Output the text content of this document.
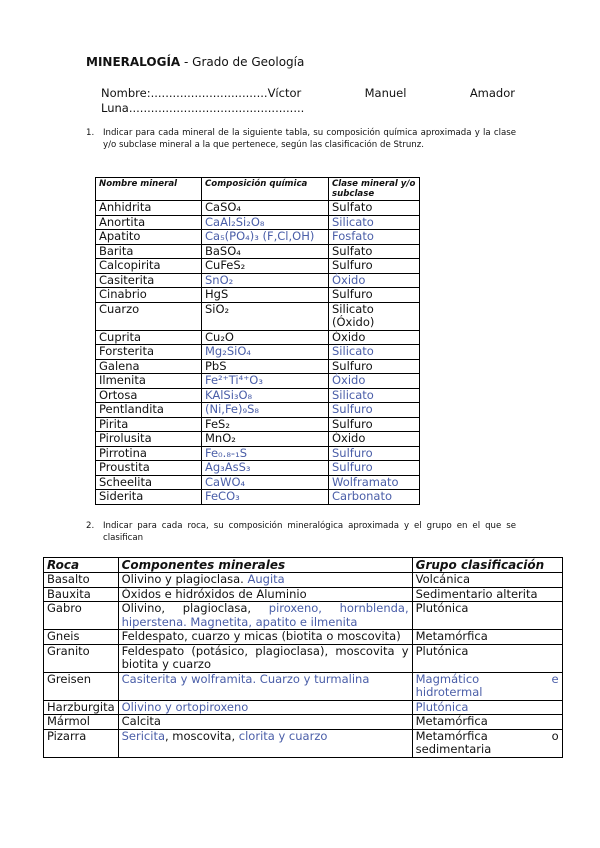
MINERALOGÍA - Grado de Geología
Nombre:................................Víctor	Manuel	Amador
Luna................................................
1.	Indicar para cada mineral de la siguiente tabla, su composición química aproximada y la clase y/o subclase mineral a la que pertenece, según las clasificación de Strunz.
Nombre mineral	Composición química	Clase mineral y/o subclase
Anhidrita	CaSO₄	Sulfato
Anortita	CaAl₂Si₂O₈	Silicato
Apatito	Ca₅(PO₄)₃ (F,Cl,OH)	Fosfato
Barita	BaSO₄	Sulfato
Calcopirita	CuFeS₂	Sulfuro
Casiterita	SnO₂	Óxido
Cinabrio	HgS	Sulfuro
Cuarzo	SiO₂	Silicato (Óxido)
Cuprita	Cu₂O	Óxido
Forsterita	Mg₂SiO₄	Silicato
Galena	PbS	Sulfuro
Ilmenita	Fe²⁺Ti⁴⁺O₃	Óxido
Ortosa	KAlSi₃O₈	Silicato
Pentlandita	(Ni,Fe)₉S₈	Sulfuro
Pirita	FeS₂	Sulfuro
Pirolusita	MnO₂	Óxido
Pirrotina	Fe₀.₈-₁S	Sulfuro
Proustita	Ag₃AsS₃	Sulfuro
Scheelita	CaWO₄	Wolframato
Siderita	FeCO₃	Carbonato
2.	Indicar para cada roca, su composición mineralógica aproximada y el grupo en el que se clasifican
Roca	Componentes minerales	Grupo clasificación
Basalto	Olivino y plagioclasa. Augita	Volcánica
Bauxita	Óxidos e hidróxidos de Aluminio	Sedimentario alterita
Gabro	Olivino, plagioclasa, piroxeno, hornblenda, hiperstena. Magnetita, apatito e ilmenita	Plutónica
Gneis	Feldespato, cuarzo y micas (biotita o moscovita)	Metamórfica
Granito	Feldespato (potásico, plagioclasa), moscovita y biotita y cuarzo	Plutónica
Greisen	Casiterita y wolframita. Cuarzo y turmalina	Magmático e hidrotermal
Harzburgita	Olivino y ortopiroxeno	Plutónica
Mármol	Calcita	Metamórfica
Pizarra	Sericita, moscovita, clorita y cuarzo	Metamórfica o sedimentaria
